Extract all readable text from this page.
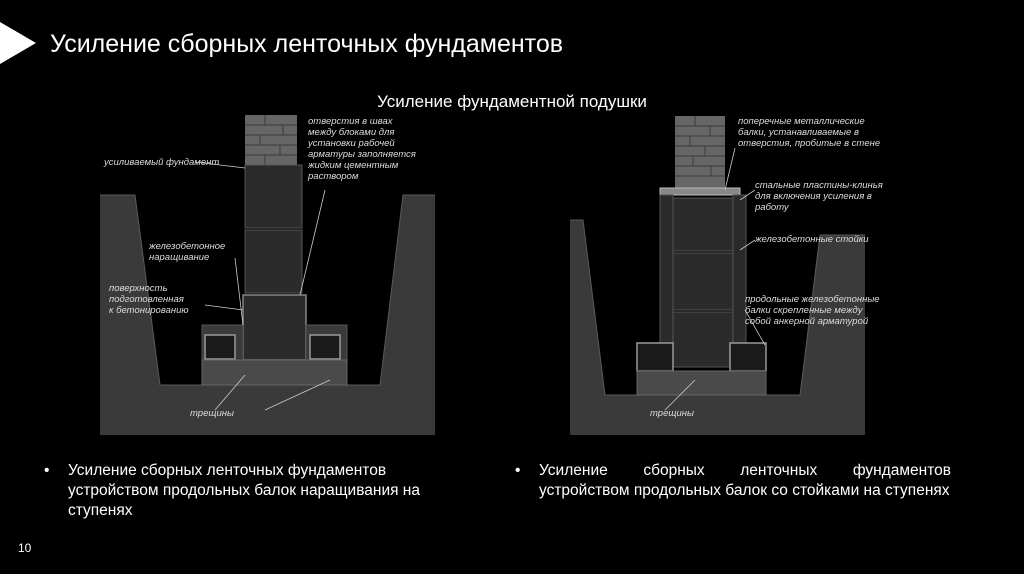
Усиление сборных ленточных фундаментов
Усиление фундаментной подушки
отверстия в швах
между блоками для
установки рабочей
арматуры заполняется
жидким цементным
раствором
усиливаемый фундамент
железобетонное
наращивание
поверхность
подготовленная
к бетонированию
трещины
поперечные металлические
балки, устанавливаемые в
отверстия, пробитые в стене
стальные пластины-клинья
для включения усиления в
работу
железобетонные стойки
продольные железобетонные
балки скрепленные между
собой анкерной арматурой
трещины
• Усиление сборных ленточных фундаментов устройством продольных балок наращивания на ступенях
• Усиление сборных ленточных фундаментов устройством продольных балок со стойками на ступенях
10
